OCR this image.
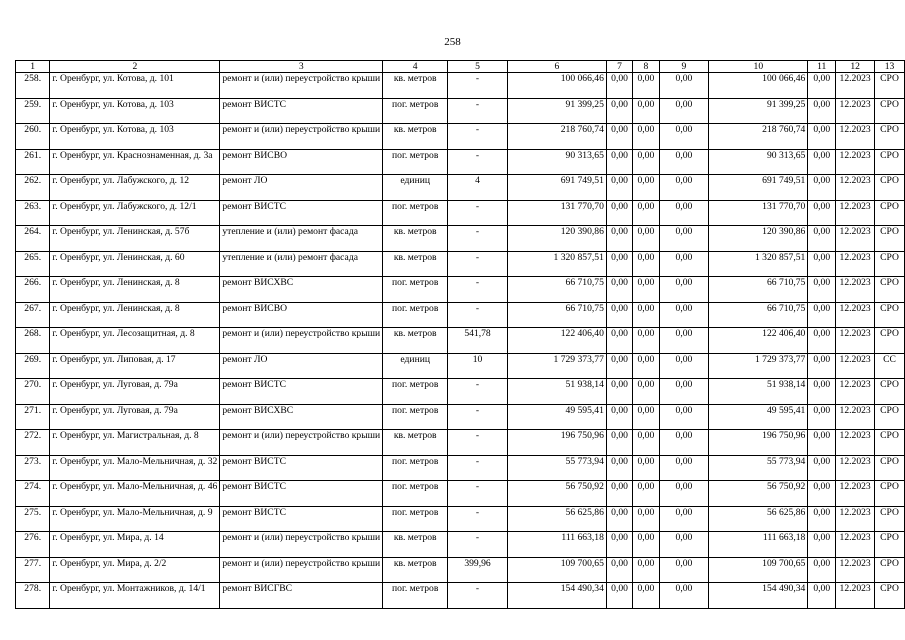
258
1	2	3	4	5	6	7	8	9	10	11	12	13
258.	г. Оренбург, ул. Котова, д. 101	ремонт и (или) переустройство крыши	кв. метров	-	100 066,46	0,00	0,00	0,00	100 066,46	0,00	12.2023	СРО
259.	г. Оренбург, ул. Котова, д. 103	ремонт ВИСТС	пог. метров	-	91 399,25	0,00	0,00	0,00	91 399,25	0,00	12.2023	СРО
260.	г. Оренбург, ул. Котова, д. 103	ремонт и (или) переустройство крыши	кв. метров	-	218 760,74	0,00	0,00	0,00	218 760,74	0,00	12.2023	СРО
261.	г. Оренбург, ул. Краснознаменная, д. 3а	ремонт ВИСВО	пог. метров	-	90 313,65	0,00	0,00	0,00	90 313,65	0,00	12.2023	СРО
262.	г. Оренбург, ул. Лабужского, д. 12	ремонт ЛО	единиц	4	691 749,51	0,00	0,00	0,00	691 749,51	0,00	12.2023	СРО
263.	г. Оренбург, ул. Лабужского, д. 12/1	ремонт ВИСТС	пог. метров	-	131 770,70	0,00	0,00	0,00	131 770,70	0,00	12.2023	СРО
264.	г. Оренбург, ул. Ленинская, д. 57б	утепление и (или) ремонт фасада	кв. метров	-	120 390,86	0,00	0,00	0,00	120 390,86	0,00	12.2023	СРО
265.	г. Оренбург, ул. Ленинская, д. 60	утепление и (или) ремонт фасада	кв. метров	-	1 320 857,51	0,00	0,00	0,00	1 320 857,51	0,00	12.2023	СРО
266.	г. Оренбург, ул. Ленинская, д. 8	ремонт ВИСХВС	пог. метров	-	66 710,75	0,00	0,00	0,00	66 710,75	0,00	12.2023	СРО
267.	г. Оренбург, ул. Ленинская, д. 8	ремонт ВИСВО	пог. метров	-	66 710,75	0,00	0,00	0,00	66 710,75	0,00	12.2023	СРО
268.	г. Оренбург, ул. Лесозащитная, д. 8	ремонт и (или) переустройство крыши	кв. метров	541,78	122 406,40	0,00	0,00	0,00	122 406,40	0,00	12.2023	СРО
269.	г. Оренбург, ул. Липовая, д. 17	ремонт ЛО	единиц	10	1 729 373,77	0,00	0,00	0,00	1 729 373,77	0,00	12.2023	СС
270.	г. Оренбург, ул. Луговая, д. 79а	ремонт ВИСТС	пог. метров	-	51 938,14	0,00	0,00	0,00	51 938,14	0,00	12.2023	СРО
271.	г. Оренбург, ул. Луговая, д. 79а	ремонт ВИСХВС	пог. метров	-	49 595,41	0,00	0,00	0,00	49 595,41	0,00	12.2023	СРО
272.	г. Оренбург, ул. Магистральная, д. 8	ремонт и (или) переустройство крыши	кв. метров	-	196 750,96	0,00	0,00	0,00	196 750,96	0,00	12.2023	СРО
273.	г. Оренбург, ул. Мало-Мельничная, д. 32	ремонт ВИСТС	пог. метров	-	55 773,94	0,00	0,00	0,00	55 773,94	0,00	12.2023	СРО
274.	г. Оренбург, ул. Мало-Мельничная, д. 46	ремонт ВИСТС	пог. метров	-	56 750,92	0,00	0,00	0,00	56 750,92	0,00	12.2023	СРО
275.	г. Оренбург, ул. Мало-Мельничная, д. 9	ремонт ВИСТС	пог. метров	-	56 625,86	0,00	0,00	0,00	56 625,86	0,00	12.2023	СРО
276.	г. Оренбург, ул. Мира, д. 14	ремонт и (или) переустройство крыши	кв. метров	-	111 663,18	0,00	0,00	0,00	111 663,18	0,00	12.2023	СРО
277.	г. Оренбург, ул. Мира, д. 2/2	ремонт и (или) переустройство крыши	кв. метров	399,96	109 700,65	0,00	0,00	0,00	109 700,65	0,00	12.2023	СРО
278.	г. Оренбург, ул. Монтажников, д. 14/1	ремонт ВИСГВС	пог. метров	-	154 490,34	0,00	0,00	0,00	154 490,34	0,00	12.2023	СРО
